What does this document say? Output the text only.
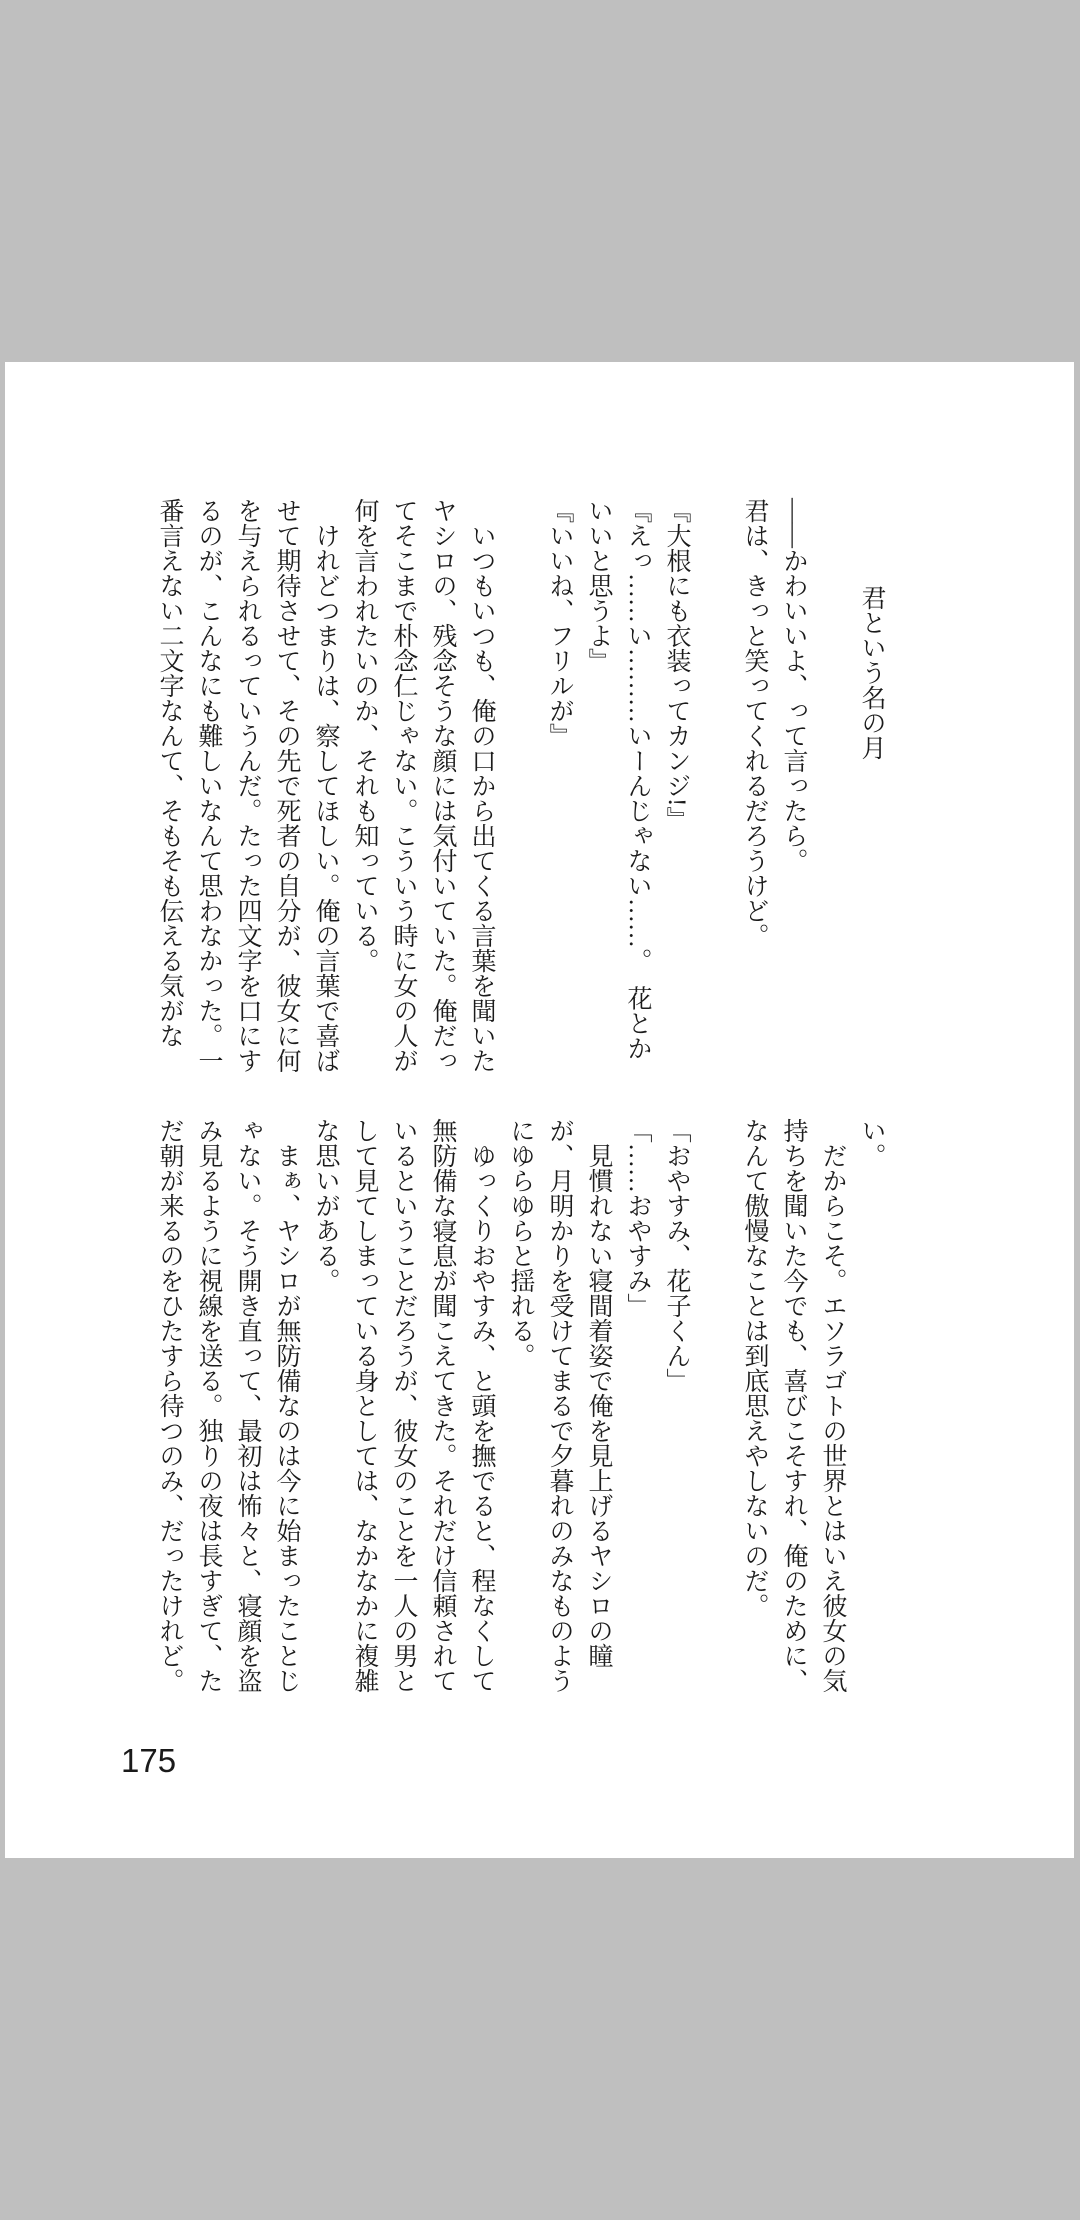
君という名の月

――かわいいよ、って言ったら。

君は、きっと笑ってくれるだろうけど。

『大根にも衣装ってカンジ!』

『えっ……い………いーんじゃない……。　花とかいいと思うよ』

『いいね、フリルが』

　いつもいつも、俺の口から出てくる言葉を聞いたヤシロの、残念そうな顔には気付いていた。俺だってそこまで朴念仁じゃない。こういう時に女の人が何を言われたいのか、それも知っている。

　けれどつまりは、察してほしい。俺の言葉で喜ばせて期待させて、その先で死者の自分が、彼女に何を与えられるっていうんだ。たった四文字を口にするのが、こんなにも難しいなんて思わなかった。一番言えない二文字なんて、そもそも伝える気がな

い。

　だからこそ。エソラゴトの世界とはいえ彼女の気持ちを聞いた今でも、喜びこそすれ、俺のために、なんて傲慢なことは到底思えやしないのだ。

「おやすみ、花子くん」

「……おやすみ」

　見慣れない寝間着姿で俺を見上げるヤシロの瞳が、月明かりを受けてまるで夕暮れのみなものようにゆらゆらと揺れる。

　ゆっくりおやすみ、と頭を撫でると、程なくして無防備な寝息が聞こえてきた。それだけ信頼されているということだろうが、彼女のことを一人の男として見てしまっている身としては、なかなかに複雑な思いがある。

　まぁ、ヤシロが無防備なのは今に始まったことじゃない。そう開き直って、最初は怖々と、寝顔を盗み見るように視線を送る。独りの夜は長すぎて、ただ朝が来るのをひたすら待つのみ、だったけれど。

175
